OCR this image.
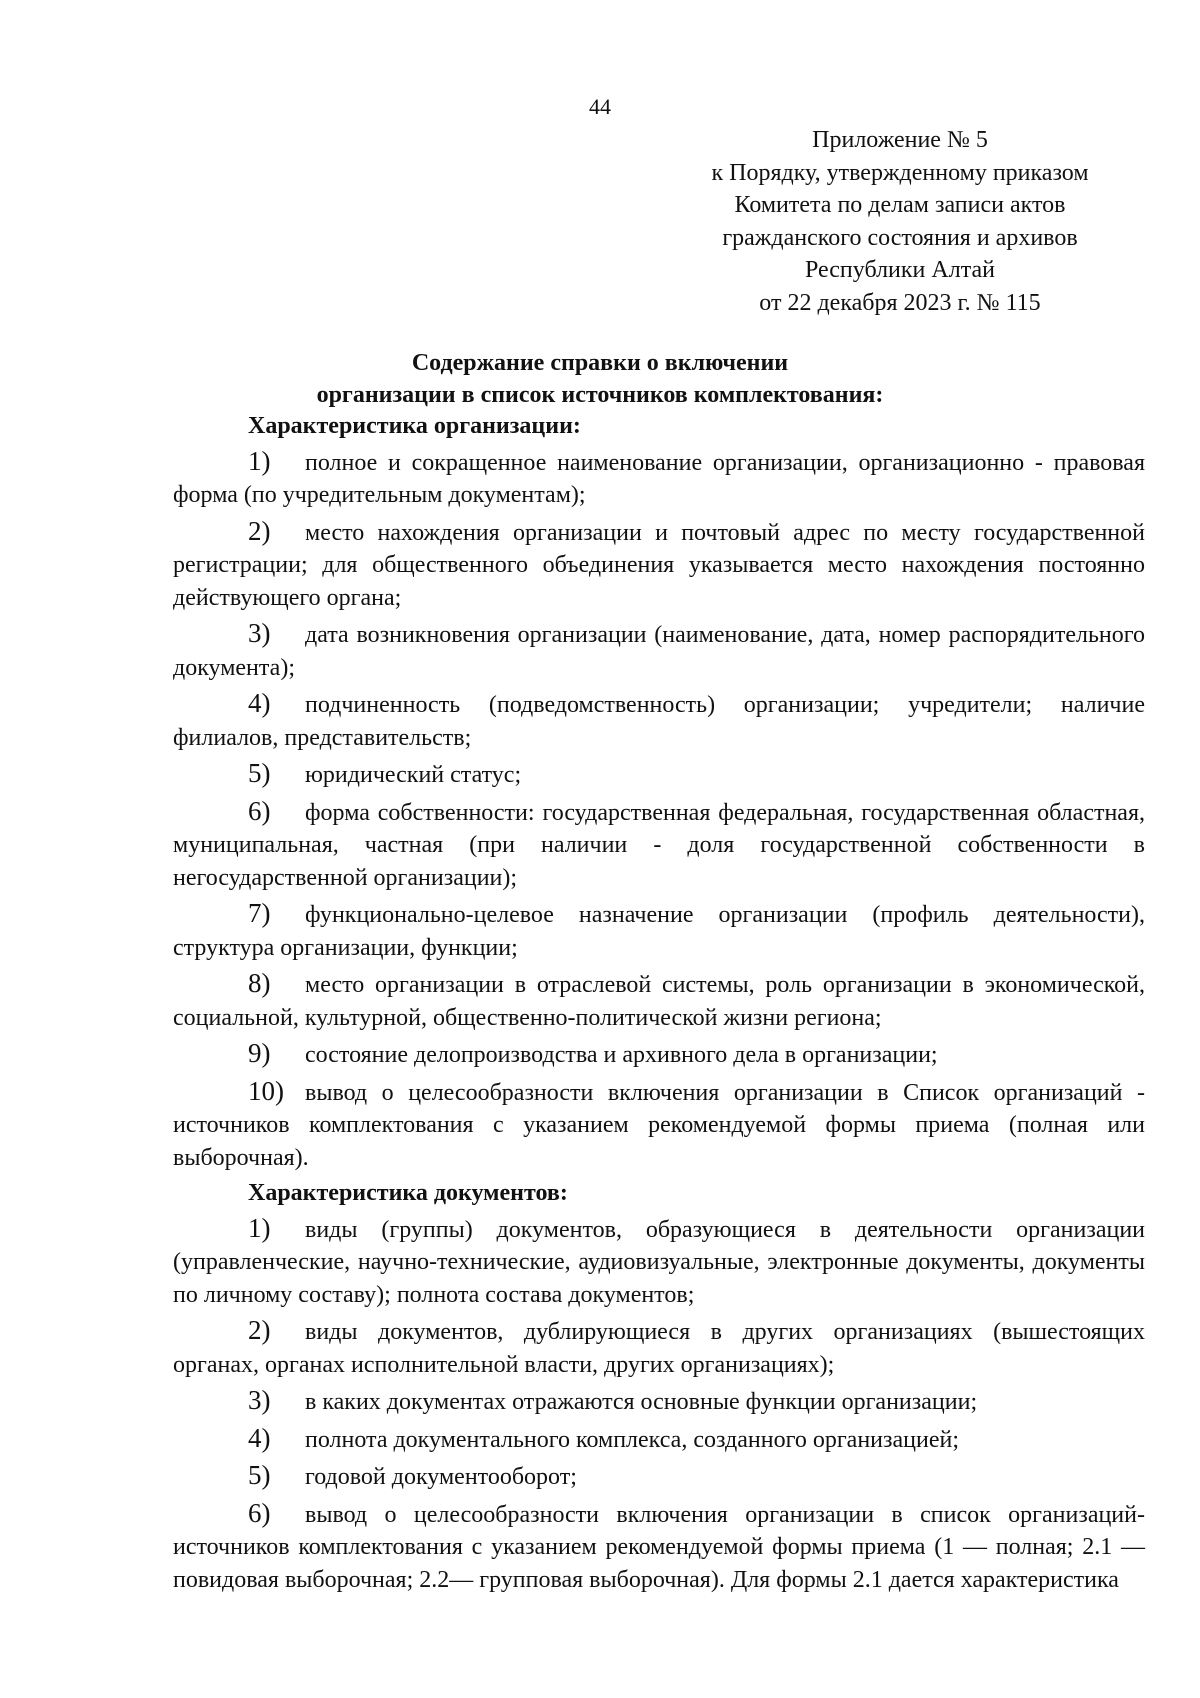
44
Приложение № 5
к Порядку, утвержденному приказом
Комитета по делам записи актов
гражданского состояния и архивов
Республики Алтай
от 22 декабря 2023 г. № 115
Содержание справки о включении
организации в список источников комплектования:
Характеристика организации:
1) полное и сокращенное наименование организации, организационно - правовая форма (по учредительным документам);
2) место нахождения организации и почтовый адрес по месту государственной регистрации; для общественного объединения указывается место нахождения постоянно действующего органа;
3) дата возникновения организации (наименование, дата, номер распорядительного документа);
4) подчиненность (подведомственность) организации; учредители; наличие филиалов, представительств;
5) юридический статус;
6) форма собственности: государственная федеральная, государственная областная, муниципальная, частная (при наличии - доля государственной собственности в негосударственной организации);
7) функционально-целевое назначение организации (профиль деятельности), структура организации, функции;
8) место организации в отраслевой системы, роль организации в экономической, социальной, культурной, общественно-политической жизни региона;
9) состояние делопроизводства и архивного дела в организации;
10) вывод о целесообразности включения организации в Список организаций - источников комплектования с указанием рекомендуемой формы приема (полная или выборочная).
Характеристика документов:
1) виды (группы) документов, образующиеся в деятельности организации (управленческие, научно-технические, аудиовизуальные, электронные документы, документы по личному составу); полнота состава документов;
2) виды документов, дублирующиеся в других организациях (вышестоящих органах, органах исполнительной власти, других организациях);
3) в каких документах отражаются основные функции организации;
4) полнота документального комплекса, созданного организацией;
5) годовой документооборот;
6) вывод о целесообразности включения организации в список организаций-источников комплектования с указанием рекомендуемой формы приема (1 — полная; 2.1 — повидовая выборочная; 2.2— групповая выборочная). Для формы 2.1 дается характеристика
